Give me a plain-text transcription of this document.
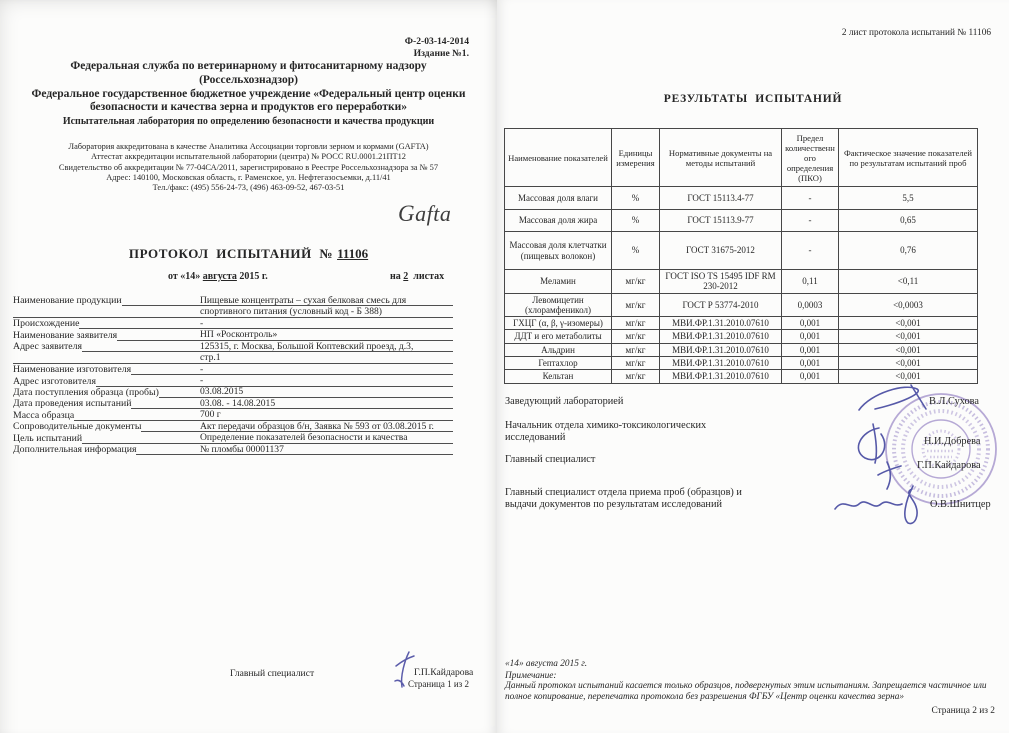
Ф-2-03-14-2014
Издание №1.
Федеральная служба по ветеринарному и фитосанитарному надзору
(Россельхознадзор)
Федеральное государственное бюджетное учреждение «Федеральный центр оценки безопасности и качества зерна и продуктов его переработки»
Испытательная лаборатория по определению безопасности и качества продукции
Лаборатория аккредитована в качестве Аналитика Ассоциации торговли зерном и кормами (GAFTA)
Аттестат аккредитации испытательной лаборатории (центра) № РОСС RU.0001.21ПТ12
Свидетельство об аккредитации № 77-04СА/2011, зарегистрировано в Реестре Россельхознадзора за № 57
Адрес: 140100, Московская область, г. Раменское, ул. Нефтегазосъемки, д.11/41
Тел./факс: (495) 556-24-73, (496) 463-09-52, 467-03-51
Gafta
ПРОТОКОЛ  ИСПЫТАНИЙ  № 11106
от «14» августа 2015 г.	на 2  листах
Наименование продукции	Пищевые концентраты – сухая белковая смесь для
спортивного питания (условный код - Б 388)
Происхождение	-
Наименование заявителя	НП «Росконтроль»
Адрес заявителя	125315, г. Москва, Большой Коптевский проезд, д.3,
стр.1
Наименование изготовителя	-
Адрес изготовителя	-
Дата поступления образца (пробы)	03.08.2015
Дата проведения испытаний	03.08. - 14.08.2015
Масса образца	700 г
Сопроводительные документы	Акт передачи образцов б/н, Заявка № 593 от 03.08.2015 г.
Цель испытаний	Определение показателей безопасности и качества
Дополнительная информация	№ пломбы 00001137
Главный специалист	Г.П.Кайдарова
Страница 1 из 2
2 лист протокола испытаний № 11106
РЕЗУЛЬТАТЫ  ИСПЫТАНИЙ
Наименование показателей	Единицы измерения	Нормативные документы на методы испытаний	Предел количественного определения (ПКО)	Фактическое значение показателей по результатам испытаний проб
Массовая доля влаги	%	ГОСТ 15113.4-77	-	5,5
Массовая доля жира	%	ГОСТ 15113.9-77	-	0,65
Массовая доля клетчатки (пищевых волокон)	%	ГОСТ 31675-2012	-	0,76
Меламин	мг/кг	ГОСТ ISO TS 15495 IDF RM 230-2012	0,11	<0,11
Левомицетин (хлорамфеникол)	мг/кг	ГОСТ Р 53774-2010	0,0003	<0,0003
ГХЦГ (α, β, γ-изомеры)	мг/кг	МВИ.ФР.1.31.2010.07610	0,001	<0,001
ДДТ и его метаболиты	мг/кг	МВИ.ФР.1.31.2010.07610	0,001	<0,001
Альдрин	мг/кг	МВИ.ФР.1.31.2010.07610	0,001	<0,001
Гептахлор	мг/кг	МВИ.ФР.1.31.2010.07610	0,001	<0,001
Кельтан	мг/кг	МВИ.ФР.1.31.2010.07610	0,001	<0,001
Заведующий лабораторией
Начальник отдела химико-токсикологических исследований
Главный специалист
Главный специалист отдела приема проб (образцов) и выдачи документов по результатам исследований
В.Л.Сухова
Н.И.Добрева
Г.П.Кайдарова
О.В.Шнитцер
«14» августа 2015 г.
Примечание:
Данный протокол испытаний касается только образцов, подвергнутых этим испытаниям. Запрещается частичное или полное копирование, перепечатка протокола без разрешения ФГБУ «Центр оценки качества зерна»
Страница 2 из 2
